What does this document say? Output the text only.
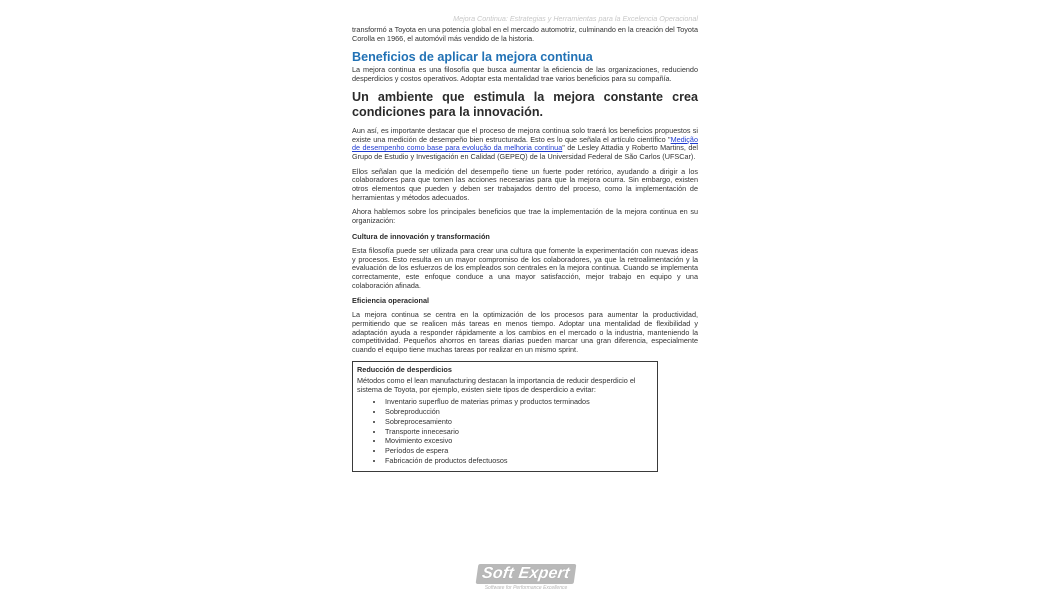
Mejora Continua: Estrategias y Herramientas para la Excelencia Operacional

transformó a Toyota en una potencia global en el mercado automotriz, culminando en la creación del Toyota Corolla en 1966, el automóvil más vendido de la historia.

Beneficios de aplicar la mejora continua

La mejora continua es una filosofía que busca aumentar la eficiencia de las organizaciones, reduciendo desperdicios y costos operativos. Adoptar esta mentalidad trae varios beneficios para su compañía.

Un ambiente que estimula la mejora constante crea condiciones para la innovación.

Aun así, es importante destacar que el proceso de mejora continua solo traerá los beneficios propuestos si existe una medición de desempeño bien estructurada. Esto es lo que señala el artículo científico "Medição de desempenho como base para evolução da melhoria contínua" de Lesley Attadia y Roberto Martins, del Grupo de Estudio y Investigación en Calidad (GEPEQ) de la Universidad Federal de São Carlos (UFSCar).

Ellos señalan que la medición del desempeño tiene un fuerte poder retórico, ayudando a dirigir a los colaboradores para que tomen las acciones necesarias para que la mejora ocurra. Sin embargo, existen otros elementos que pueden y deben ser trabajados dentro del proceso, como la implementación de herramientas y métodos adecuados.

Ahora hablemos sobre los principales beneficios que trae la implementación de la mejora continua en su organización:

Cultura de innovación y transformación

Esta filosofía puede ser utilizada para crear una cultura que fomente la experimentación con nuevas ideas y procesos. Esto resulta en un mayor compromiso de los colaboradores, ya que la retroalimentación y la evaluación de los esfuerzos de los empleados son centrales en la mejora continua. Cuando se implementa correctamente, este enfoque conduce a una mayor satisfacción, mejor trabajo en equipo y una colaboración afinada.

Eficiencia operacional

La mejora continua se centra en la optimización de los procesos para aumentar la productividad, permitiendo que se realicen más tareas en menos tiempo. Adoptar una mentalidad de flexibilidad y adaptación ayuda a responder rápidamente a los cambios en el mercado o la industria, manteniendo la competitividad. Pequeños ahorros en tareas diarias pueden marcar una gran diferencia, especialmente cuando el equipo tiene muchas tareas por realizar en un mismo sprint.

Reducción de desperdicios

Métodos como el lean manufacturing destacan la importancia de reducir desperdicio el sistema de Toyota, por ejemplo, existen siete tipos de desperdicio a evitar:

• Inventario superfluo de materias primas y productos terminados
• Sobreproducción
• Sobreprocesamiento
• Transporte innecesario
• Movimiento excesivo
• Períodos de espera
• Fabricación de productos defectuosos
Soft Expert
Software for Performance Excellence
